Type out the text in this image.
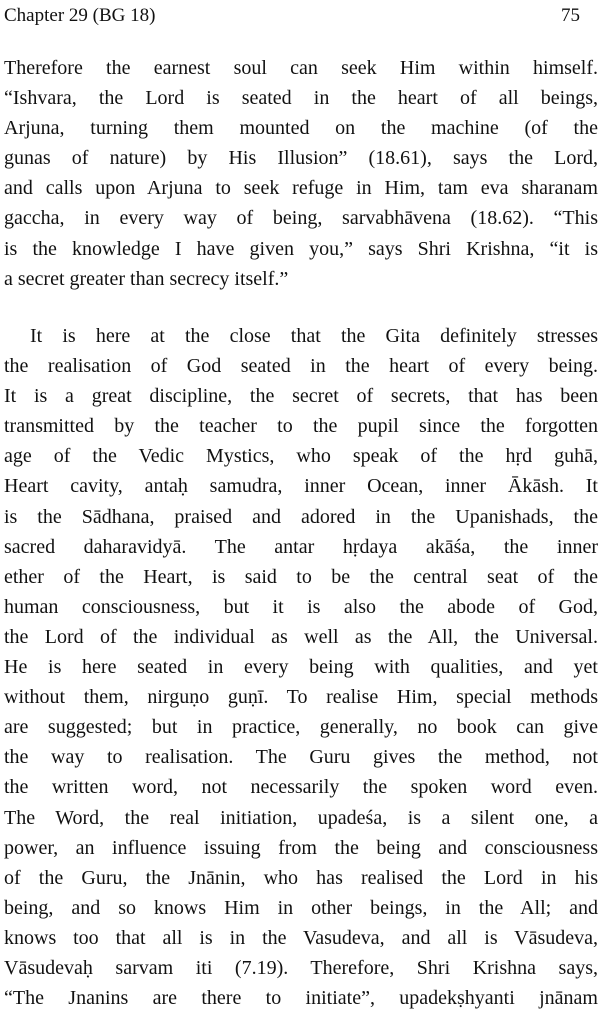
Chapter 29 (BG 18)	75

Therefore the earnest soul can seek Him within himself.
“Ishvara, the Lord is seated in the heart of all beings,
Arjuna, turning them mounted on the machine (of the
gunas of nature) by His Illusion” (18.61), says the Lord,
and calls upon Arjuna to seek refuge in Him, tam eva sharanam
gaccha, in every way of being, sarvabhāvena (18.62). “This
is the knowledge I have given you,” says Shri Krishna, “it is
a secret greater than secrecy itself.”

It is here at the close that the Gita definitely stresses
the realisation of God seated in the heart of every being.
It is a great discipline, the secret of secrets, that has been
transmitted by the teacher to the pupil since the forgotten
age of the Vedic Mystics, who speak of the hṛd guhā,
Heart cavity, antaḥ samudra, inner Ocean, inner Ākāsh. It
is the Sādhana, praised and adored in the Upanishads, the
sacred daharavidyā. The antar hṛdaya akāśa, the inner
ether of the Heart, is said to be the central seat of the
human consciousness, but it is also the abode of God,
the Lord of the individual as well as the All, the Universal.
He is here seated in every being with qualities, and yet
without them, nirguṇo guṇī. To realise Him, special methods
are suggested; but in practice, generally, no book can give
the way to realisation. The Guru gives the method, not
the written word, not necessarily the spoken word even.
The Word, the real initiation, upadeśa, is a silent one, a
power, an influence issuing from the being and consciousness
of the Guru, the Jnānin, who has realised the Lord in his
being, and so knows Him in other beings, in the All; and
knows too that all is in the Vasudeva, and all is Vāsudeva,
Vāsudevaḥ sarvam iti (7.19). Therefore, Shri Krishna says,
“The Jnanins are there to initiate”, upadekṣhyanti jnānam
